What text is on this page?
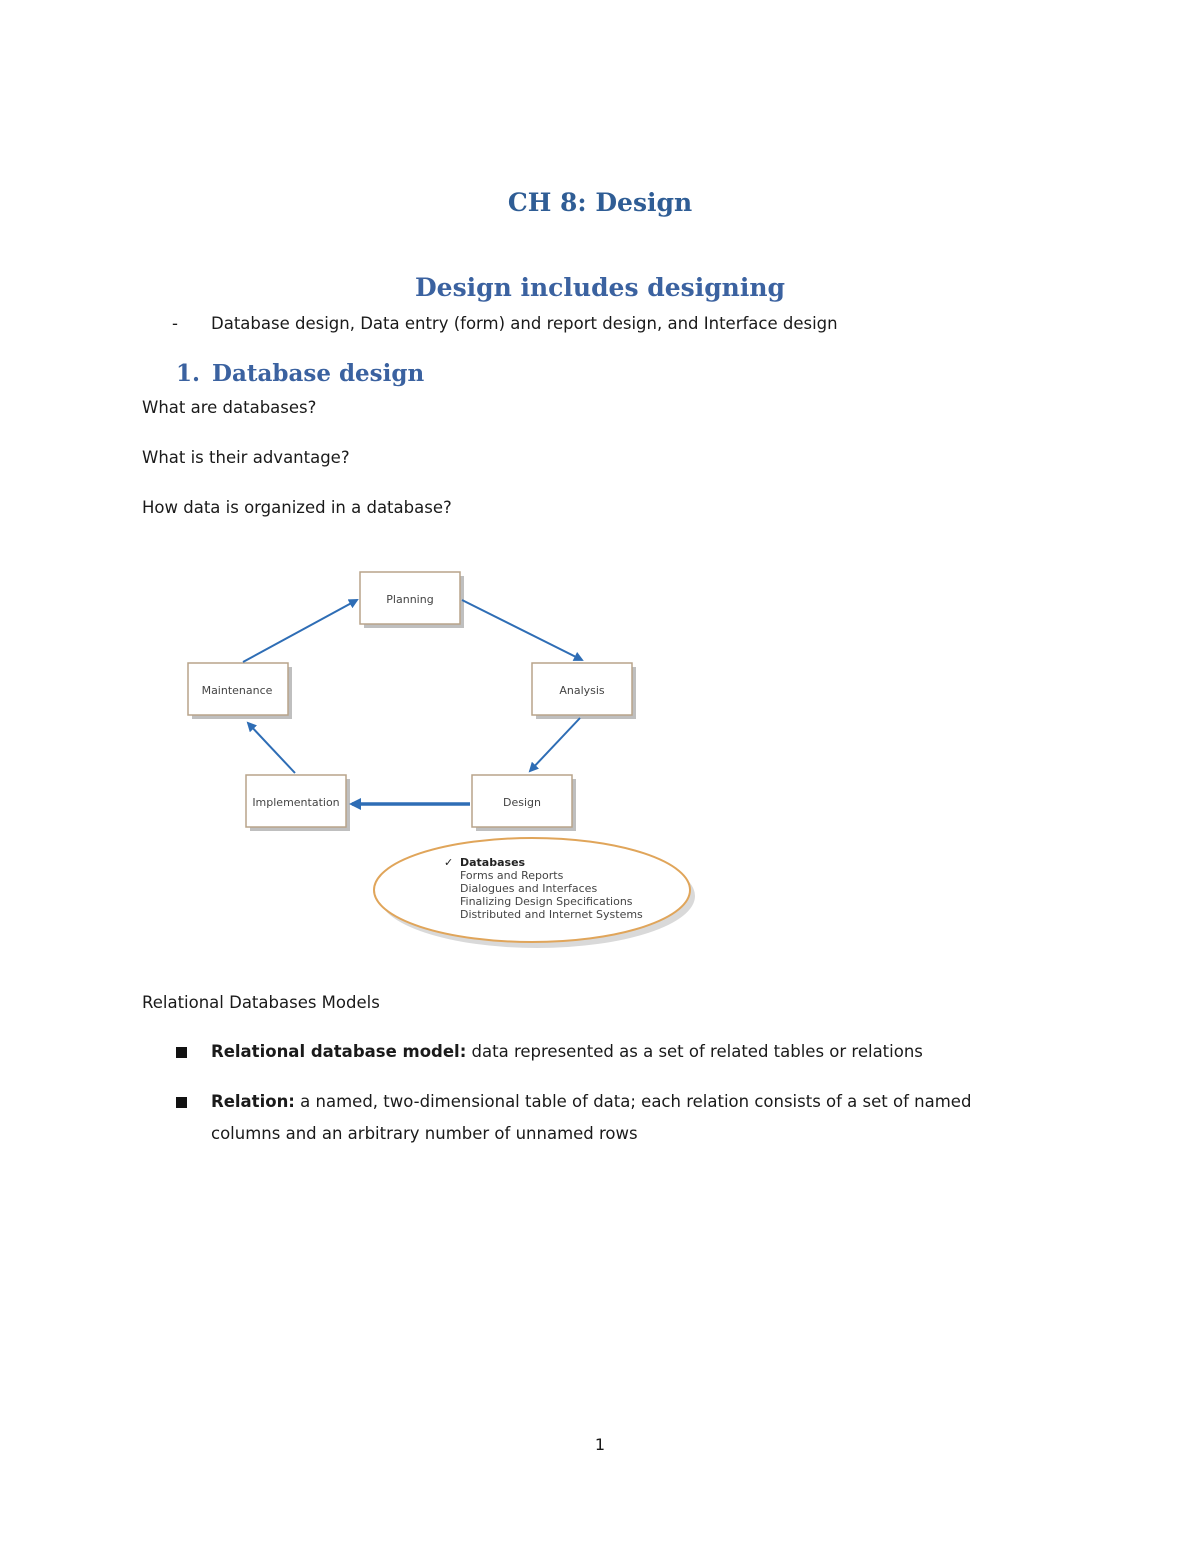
CH 8: Design
Design includes designing
- Database design, Data entry (form) and report design, and Interface design
1. Database design
What are databases?
What is their advantage?
How data is organized in a database?
Planning
Analysis
Design
Implementation
Maintenance
✓ Databases
Forms and Reports
Dialogues and Interfaces
Finalizing Design Specifications
Distributed and Internet Systems
Relational Databases Models
Relational database model: data represented as a set of related tables or relations
Relation: a named, two-dimensional table of data; each relation consists of a set of named
columns and an arbitrary number of unnamed rows
1
